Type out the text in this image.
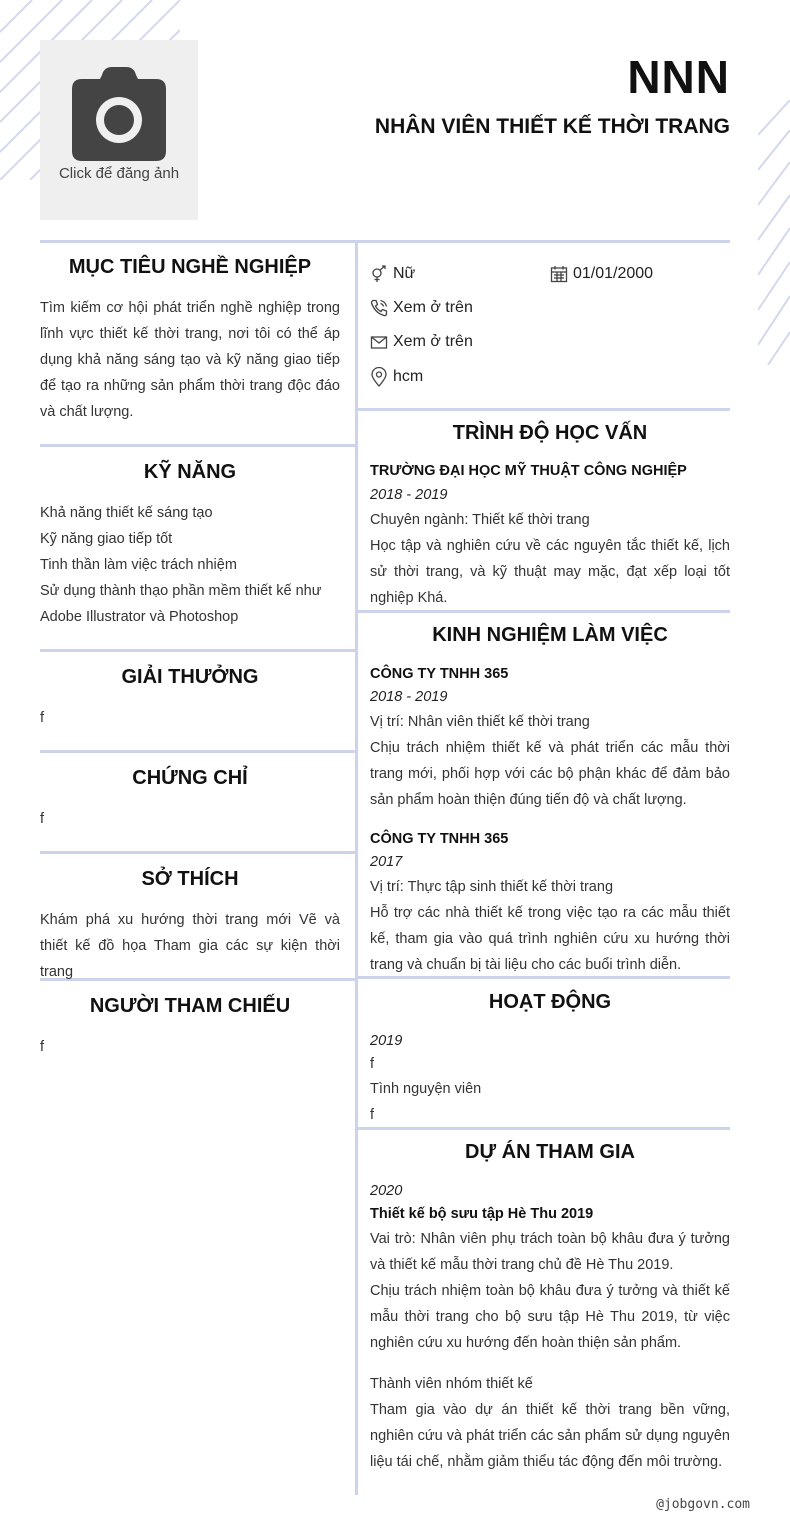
Click để đăng ảnh
NNN
NHÂN VIÊN THIẾT KẾ THỜI TRANG
MỤC TIÊU NGHỀ NGHIỆP
Tìm kiếm cơ hội phát triển nghề nghiệp trong lĩnh vực thiết kế thời trang, nơi tôi có thể áp dụng khả năng sáng tạo và kỹ năng giao tiếp để tạo ra những sản phẩm thời trang độc đáo và chất lượng.
KỸ NĂNG
Khả năng thiết kế sáng tạo
Kỹ năng giao tiếp tốt
Tinh thần làm việc trách nhiệm
Sử dụng thành thạo phần mềm thiết kế như
Adobe Illustrator và Photoshop
GIẢI THƯỞNG
f
CHỨNG CHỈ
f
SỞ THÍCH
Khám phá xu hướng thời trang mới Vẽ và thiết kế đồ họa Tham gia các sự kiện thời trang
NGƯỜI THAM CHIẾU
f
Nữ	01/01/2000
Xem ở trên
Xem ở trên
hcm
TRÌNH ĐỘ HỌC VẤN
TRƯỜNG ĐẠI HỌC MỸ THUẬT CÔNG NGHIỆP
2018 - 2019
Chuyên ngành: Thiết kế thời trang
Học tập và nghiên cứu về các nguyên tắc thiết kế, lịch sử thời trang, và kỹ thuật may mặc, đạt xếp loại tốt nghiệp Khá.
KINH NGHIỆM LÀM VIỆC
CÔNG TY TNHH 365
2018 - 2019
Vị trí: Nhân viên thiết kế thời trang
Chịu trách nhiệm thiết kế và phát triển các mẫu thời trang mới, phối hợp với các bộ phận khác để đảm bảo sản phẩm hoàn thiện đúng tiến độ và chất lượng.
CÔNG TY TNHH 365
2017
Vị trí: Thực tập sinh thiết kế thời trang
Hỗ trợ các nhà thiết kế trong việc tạo ra các mẫu thiết kế, tham gia vào quá trình nghiên cứu xu hướng thời trang và chuẩn bị tài liệu cho các buổi trình diễn.
HOẠT ĐỘNG
2019
f
Tình nguyện viên
f
DỰ ÁN THAM GIA
2020
Thiết kế bộ sưu tập Hè Thu 2019
Vai trò: Nhân viên phụ trách toàn bộ khâu đưa ý tưởng và thiết kế mẫu thời trang chủ đề Hè Thu 2019.
Chịu trách nhiệm toàn bộ khâu đưa ý tưởng và thiết kế mẫu thời trang cho bộ sưu tập Hè Thu 2019, từ việc nghiên cứu xu hướng đến hoàn thiện sản phẩm.
Thành viên nhóm thiết kế
Tham gia vào dự án thiết kế thời trang bền vững, nghiên cứu và phát triển các sản phẩm sử dụng nguyên liệu tái chế, nhằm giảm thiểu tác động đến môi trường.
@jobgovn.com
